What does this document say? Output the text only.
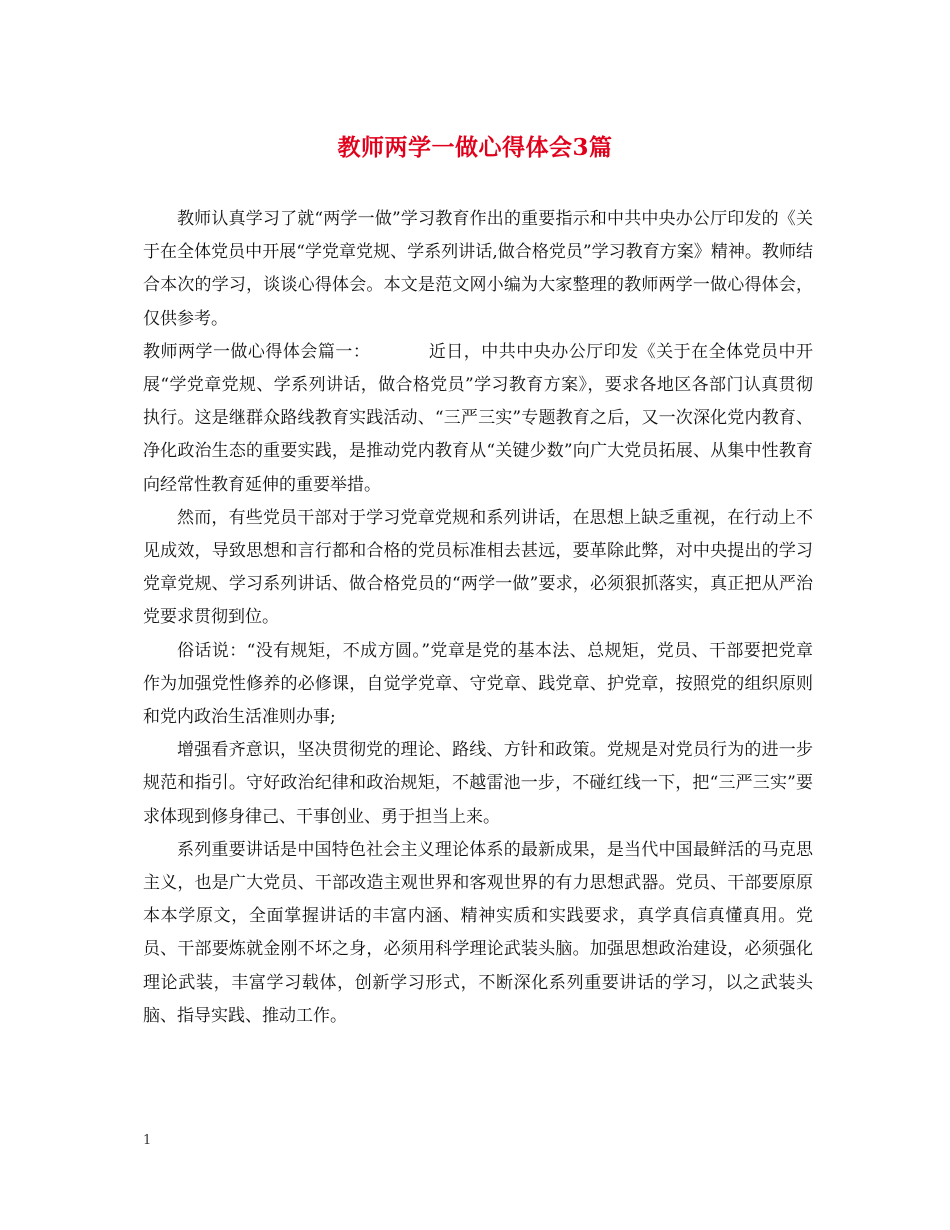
教师两学一做心得体会3篇

教师认真学习了就“两学一做”学习教育作出的重要指示和中共中央办公厅印发的《关于在全体党员中开展“学党章党规、学系列讲话,做合格党员”学习教育方案》精神。教师结合本次的学习，谈谈心得体会。本文是范文网小编为大家整理的教师两学一做心得体会，仅供参考。

教师两学一做心得体会篇一：	近日，中共中央办公厅印发《关于在全体党员中开展“学党章党规、学系列讲话，做合格党员”学习教育方案》，要求各地区各部门认真贯彻执行。这是继群众路线教育实践活动、“三严三实”专题教育之后，又一次深化党内教育、净化政治生态的重要实践，是推动党内教育从“关键少数”向广大党员拓展、从集中性教育向经常性教育延伸的重要举措。

然而，有些党员干部对于学习党章党规和系列讲话，在思想上缺乏重视，在行动上不见成效，导致思想和言行都和合格的党员标准相去甚远，要革除此弊，对中央提出的学习党章党规、学习系列讲话、做合格党员的“两学一做”要求，必须狠抓落实，真正把从严治党要求贯彻到位。

俗话说：“没有规矩，不成方圆。”党章是党的基本法、总规矩，党员、干部要把党章作为加强党性修养的必修课，自觉学党章、守党章、践党章、护党章，按照党的组织原则和党内政治生活准则办事;

增强看齐意识，坚决贯彻党的理论、路线、方针和政策。党规是对党员行为的进一步规范和指引。守好政治纪律和政治规矩，不越雷池一步，不碰红线一下，把“三严三实”要求体现到修身律己、干事创业、勇于担当上来。

系列重要讲话是中国特色社会主义理论体系的最新成果，是当代中国最鲜活的马克思主义，也是广大党员、干部改造主观世界和客观世界的有力思想武器。党员、干部要原原本本学原文，全面掌握讲话的丰富内涵、精神实质和实践要求，真学真信真懂真用。党员、干部要炼就金刚不坏之身，必须用科学理论武装头脑。加强思想政治建设，必须强化理论武装，丰富学习载体，创新学习形式，不断深化系列重要讲话的学习，以之武装头脑、指导实践、推动工作。

1
